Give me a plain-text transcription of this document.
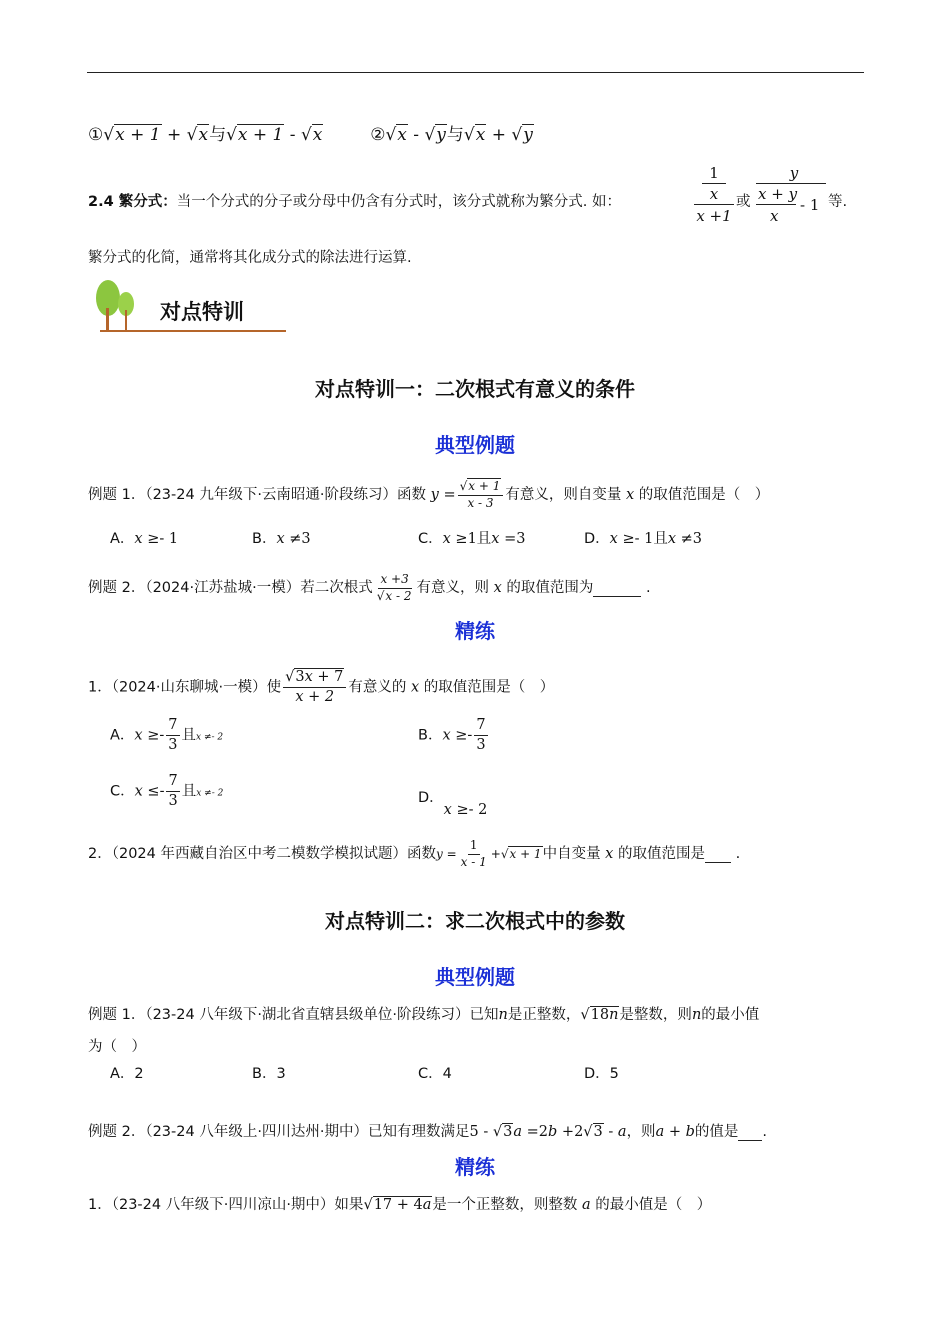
①√x + 1 + √x与√x + 1 - √x	②√x - √y与√x + √y
2.4 繁分式：当一个分式的分子或分母中仍含有分式时，该分式就称为繁分式. 如：
1
x
x +1
或
y
x + y
x
- 1 等.
繁分式的化简，通常将其化成分式的除法进行运算.
对点特训
对点特训一：二次根式有意义的条件
典型例题
例题 1．（23-24 九年级下·云南昭通·阶段练习）函数 $y = \frac{√x + 1}{x - 3}$ 有意义，则自变量 x 的取值范围是（　）
A．x ≥- 1	B．x ≠3	C．x ≥1且x =3	D．x ≥- 1且x ≠3
例题 2．（2024·江苏盐城·一模）若二次根式 $\frac{x +3}{√x - 2}$ 有意义，则 x 的取值范围为	.
精练
1．（2024·山东聊城·一模）使 $\frac{√3x + 7}{x + 2}$ 有意义的 x 的取值范围是（　）
A．$x \ge- \frac{7}{3}$ 且x ≠- 2	B．$x \ge- \frac{7}{3}$
C．$x \le- \frac{7}{3}$ 且x ≠- 2	D．x ≥- 2
2．（2024 年西藏自治区中考二模数学模拟试题）函数$y = \frac{1}{x - 1} +√x + 1$中自变量 x 的取值范围是 .
对点特训二：求二次根式中的参数
典型例题
例题 1．（23-24 八年级下·湖北省直辖县级单位·阶段练习）已知n是正整数，√18n是整数，则n的最小值
为（　）
A．2	B．3	C．4	D．5
例题 2．（23-24 八年级上·四川达州·期中）已知有理数满足5 - √3a =2b +2√3 - a，则a + b的值是 .
精练
1．（23-24 八年级下·四川凉山·期中）如果√17 + 4a是一个正整数，则整数 a 的最小值是（　）
